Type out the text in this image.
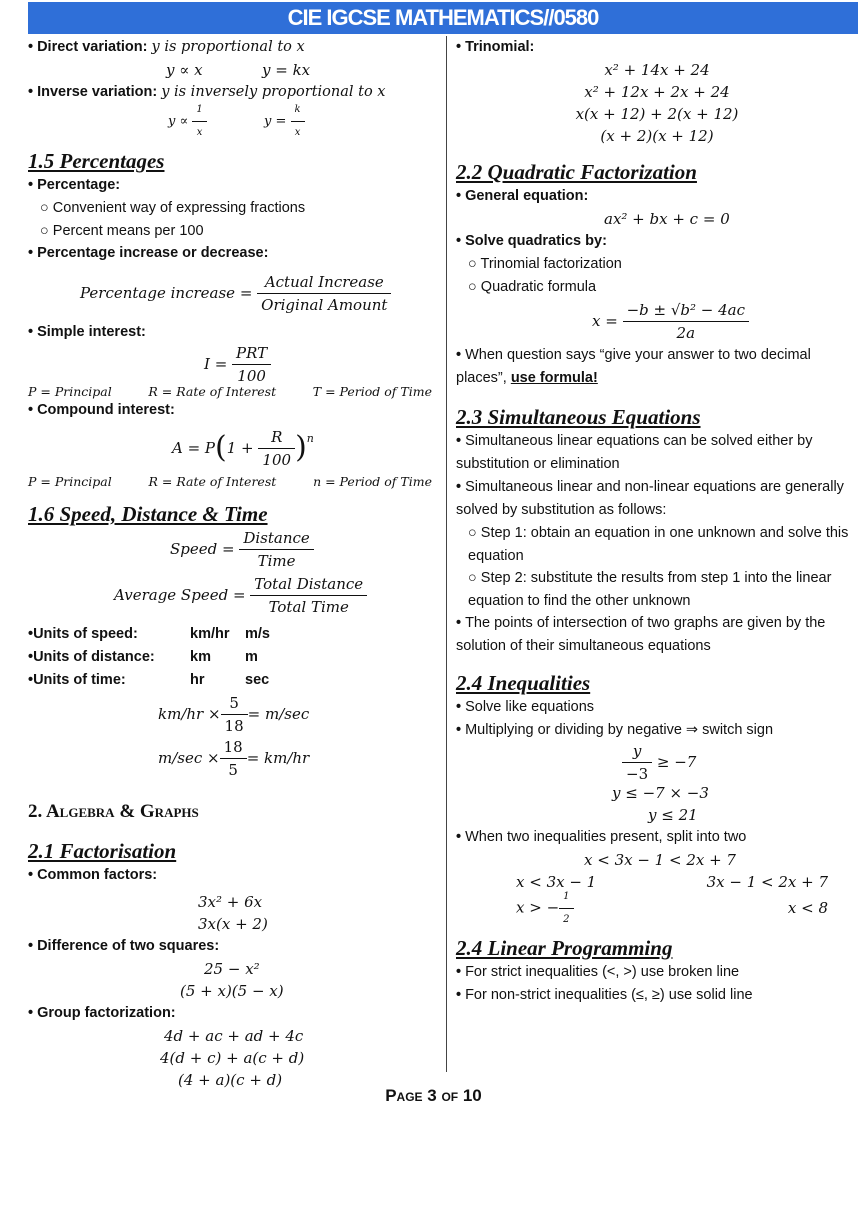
CIE IGCSE MATHEMATICS//0580
• Direct variation: y is proportional to x
y ∝ x	y = kx
• Inverse variation: y is inversely proportional to x
$y \propto \frac{1}{x}$	$y = \frac{k}{x}$
1.5 Percentages
• Percentage:
○ Convenient way of expressing fractions
○ Percent means per 100
• Percentage increase or decrease:
Percentage increase =
$\frac{\text{Actual Increase}}{\text{Original Amount}}$
• Simple interest:
I =
$\frac{\text{PRT}}{100}$
P = Principal	R = Rate of Interest	T = Period of Time
• Compound interest:
A = P ( 1 +
$\frac{R}{100} )^n$
P = Principal	R = Rate of Interest	n = Period of Time
1.6 Speed, Distance & Time
Speed =
$\frac{\text{Distance}}{\text{Time}}$
Average Speed =
$\frac{\text{Total Distance}}{\text{Total Time}}$
•Units of speed:	km/hr	m/s
•Units of distance:	km	m
•Units of time:	hr	sec
$km/hr \times \frac{5}{18} = m/\sec$
$m/\sec \times \frac{18}{5} = km/hr$
2. Algebra & Graphs
2.1 Factorisation
• Common factors:
3x² + 6x
3x(x + 2)
• Difference of two squares:
25 − x²
(5 + x)(5 − x)
• Group factorization:
4d + ac + ad + 4c
4(d + c) + a(c + d)
(4 + a)(c + d)
• Trinomial:
x² + 14x + 24
x² + 12x + 2x + 24
x(x + 12) + 2(x + 12)
(x + 2)(x + 12)
2.2 Quadratic Factorization
• General equation:
ax² + bx + c = 0
• Solve quadratics by:
○ Trinomial factorization
○ Quadratic formula
x =
$\frac{\text{−b ± √b² − 4ac}}{2a}$
• When question says “give your answer to two decimal places”, use formula!
2.3 Simultaneous Equations
• Simultaneous linear equations can be solved either by substitution or elimination
• Simultaneous linear and non-linear equations are generally solved by substitution as follows:
○ Step 1: obtain an equation in one unknown and solve this equation
○ Step 2: substitute the results from step 1 into the linear equation to find the other unknown
• The points of intersection of two graphs are given by the solution of their simultaneous equations
2.4 Inequalities
• Solve like equations
• Multiplying or dividing by negative ⇒ switch sign
$\frac{y}{-3}$
≥ −7
y ≤ −7 × −3
y ≤ 21
• When two inequalities present, split into two
x < 3x − 1 < 2x + 7
x < 3x − 1	3x − 1 < 2x + 7
x > − $\frac{1}{2}$	x < 8
2.4 Linear Programming
• For strict inequalities (<, >) use broken line
• For non-strict inequalities (≤, ≥) use solid line
Page 3 of 10
